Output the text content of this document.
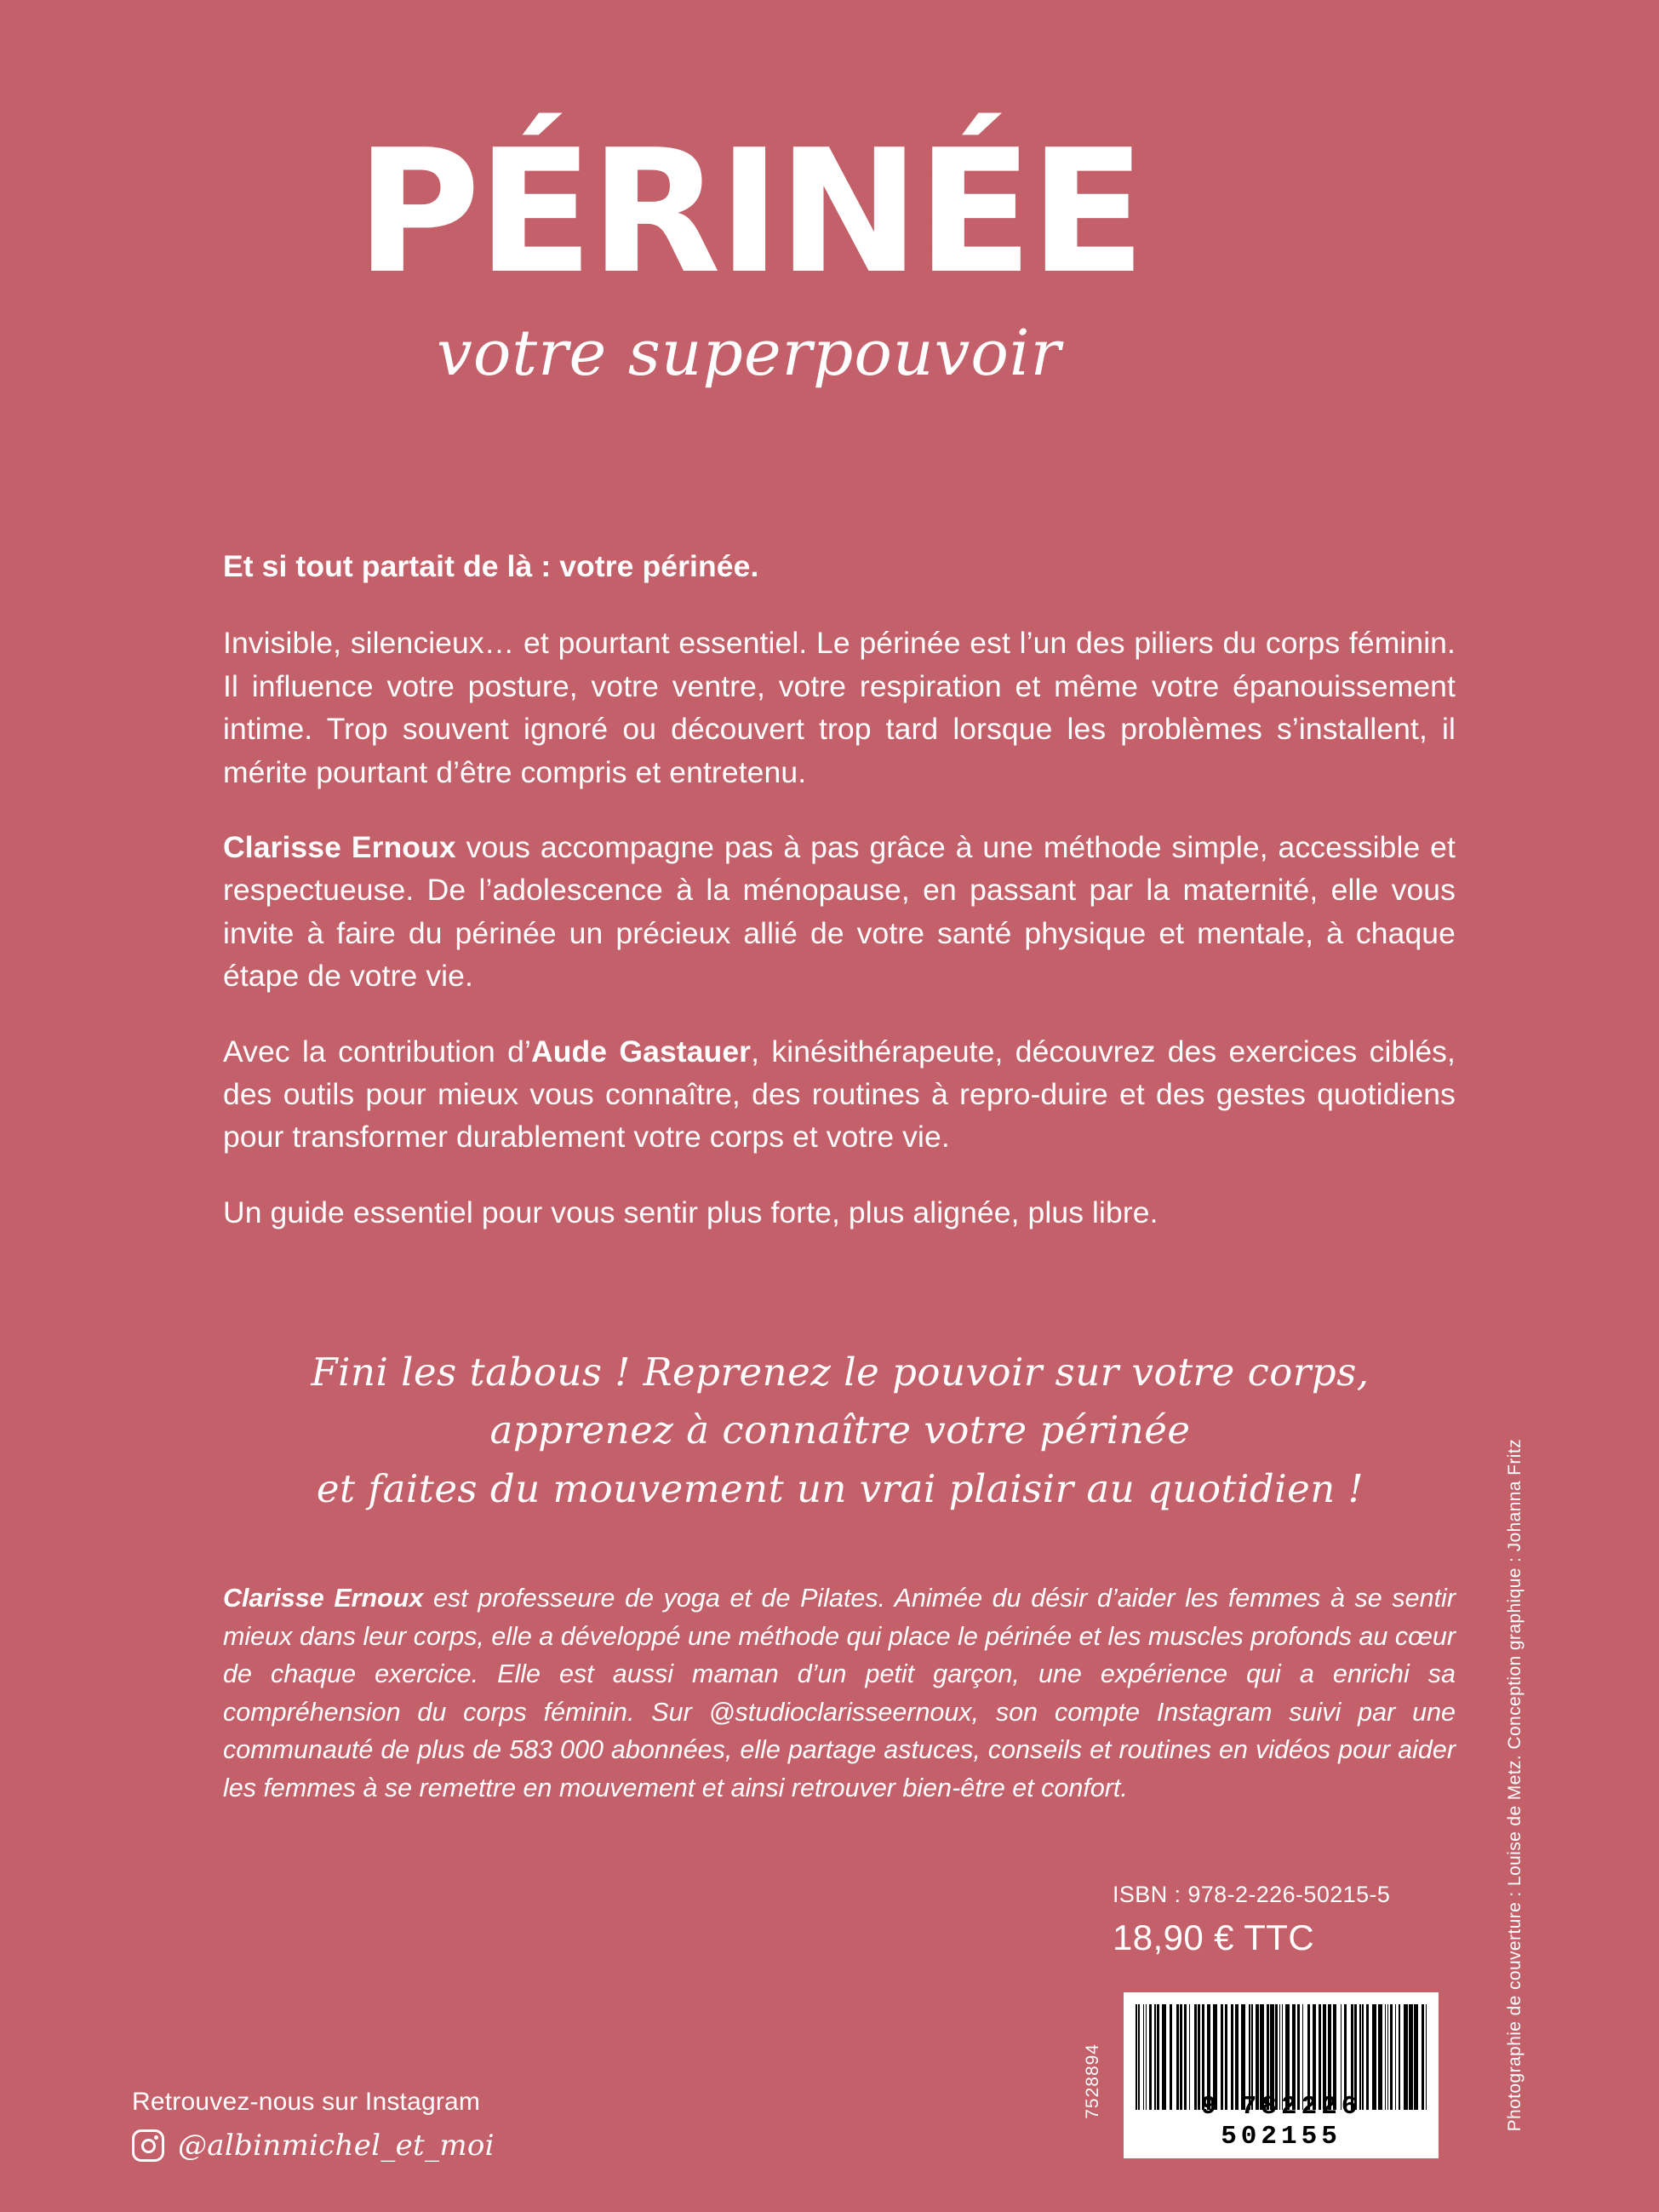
PÉRINÉE
votre superpouvoir

Et si tout partait de là : votre périnée.

Invisible, silencieux… et pourtant essentiel. Le périnée est l’un des piliers du corps féminin. Il influence votre posture, votre ventre, votre respiration et même votre épanouissement intime. Trop souvent ignoré ou découvert trop tard lorsque les problèmes s’installent, il mérite pourtant d’être compris et entretenu.

Clarisse Ernoux vous accompagne pas à pas grâce à une méthode simple, accessible et respectueuse. De l’adolescence à la ménopause, en passant par la maternité, elle vous invite à faire du périnée un précieux allié de votre santé physique et mentale, à chaque étape de votre vie.

Avec la contribution d’Aude Gastauer, kinésithérapeute, découvrez des exercices ciblés, des outils pour mieux vous connaître, des routines à repro-duire et des gestes quotidiens pour transformer durablement votre corps et votre vie.

Un guide essentiel pour vous sentir plus forte, plus alignée, plus libre.

Fini les tabous ! Reprenez le pouvoir sur votre corps,
apprenez à connaître votre périnée
et faites du mouvement un vrai plaisir au quotidien !
Clarisse Ernoux est professeure de yoga et de Pilates. Animée du désir d’aider les femmes à se sentir mieux dans leur corps, elle a développé une méthode qui place le périnée et les muscles profonds au cœur de chaque exercice. Elle est aussi maman d’un petit garçon, une expérience qui a enrichi sa compréhension du corps féminin. Sur @studioclarisseernoux, son compte Instagram suivi par une communauté de plus de 583 000 abonnées, elle partage astuces, conseils et routines en vidéos pour aider les femmes à se remettre en mouvement et ainsi retrouver bien-être et confort.
ISBN : 978-2-226-50215-5
18,90 € TTC
7528894	9 782226 502155
Photographie de couverture : Louise de Metz. Conception graphique : Johanna Fritz
Retrouvez-nous sur Instagram
@albinmichel_et_moi
